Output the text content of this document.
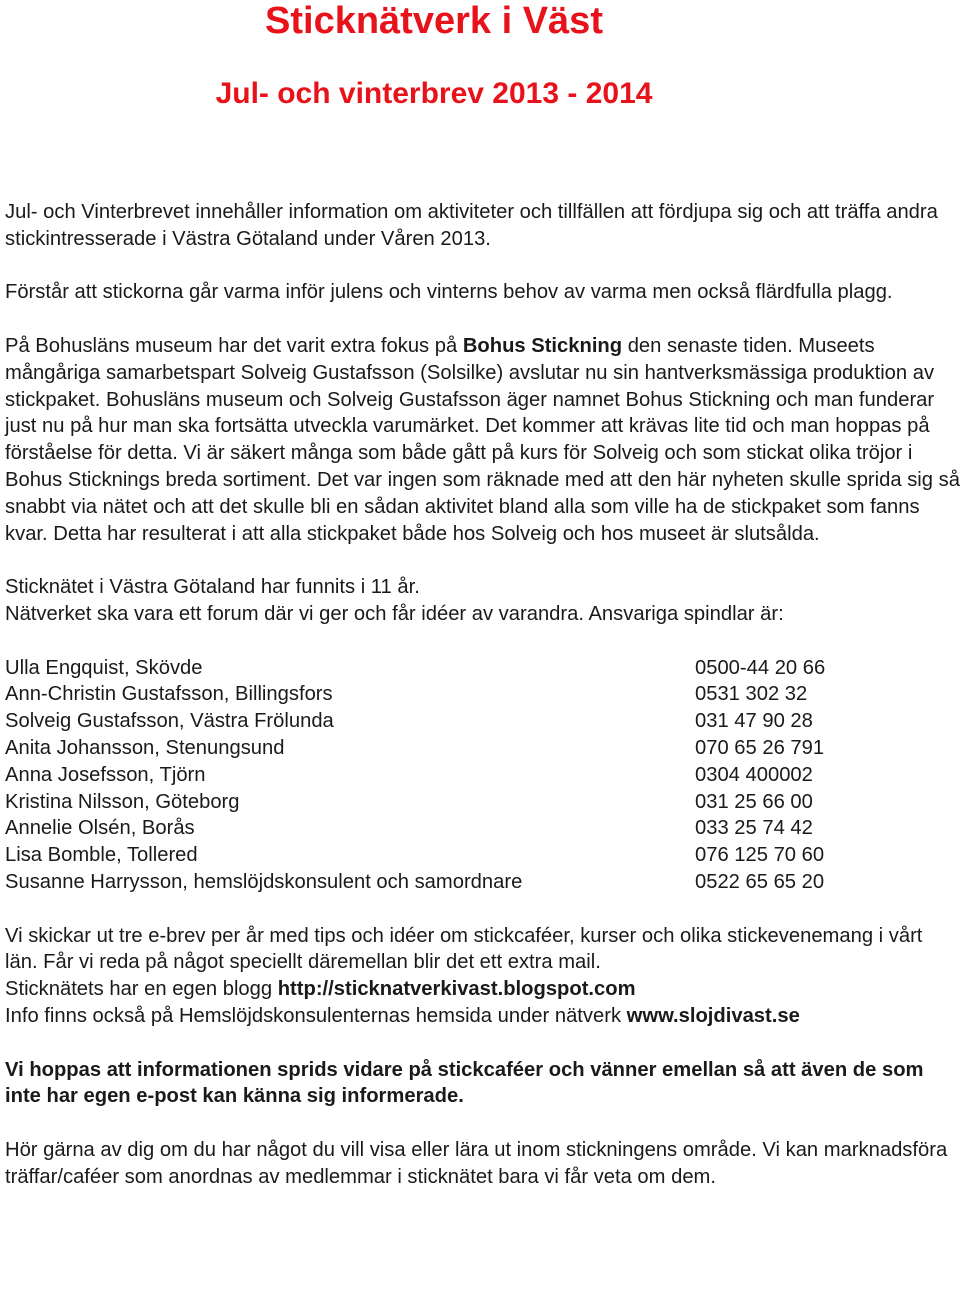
Sticknätverk i Väst
Jul- och vinterbrev 2013 - 2014

Jul- och Vinterbrevet innehåller information om aktiviteter och tillfällen att fördjupa sig och att träffa andra stickintresserade i Västra Götaland under Våren 2013.

Förstår att stickorna går varma inför julens och vinterns behov av varma men också flärdfulla plagg.

På Bohusläns museum har det varit extra fokus på Bohus Stickning den senaste tiden. Museets mångåriga samarbetspart Solveig Gustafsson (Solsilke) avslutar nu sin hantverksmässiga produktion av stickpaket. Bohusläns museum och Solveig Gustafsson äger namnet Bohus Stickning och man funderar just nu på hur man ska fortsätta utveckla varumärket. Det kommer att krävas lite tid och man hoppas på förståelse för detta. Vi är säkert många som både gått på kurs för Solveig och som stickat olika tröjor i Bohus Sticknings breda sortiment. Det var ingen som räknade med att den här nyheten skulle sprida sig så snabbt via nätet och att det skulle bli en sådan aktivitet bland alla som ville ha de stickpaket som fanns kvar. Detta har resulterat i att alla stickpaket både hos Solveig och hos museet är slutsålda.

Sticknätet i Västra Götaland har funnits i 11 år.

Nätverket ska vara ett forum där vi ger och får idéer av varandra. Ansvariga spindlar är:

Ulla Engquist, Skövde	0500-44 20 66
Ann-Christin Gustafsson, Billingsfors	0531 302 32
Solveig Gustafsson, Västra Frölunda	031 47 90 28
Anita Johansson, Stenungsund	070 65 26 791
Anna Josefsson, Tjörn	0304 400002
Kristina Nilsson, Göteborg	031 25 66 00
Annelie Olsén, Borås	033 25 74 42
Lisa Bomble, Tollered	076 125 70 60
Susanne Harrysson, hemslöjdskonsulent och samordnare	0522 65 65 20

Vi skickar ut tre e-brev per år med tips och idéer om stickcaféer, kurser och olika stickevenemang i vårt län. Får vi reda på något speciellt däremellan blir det ett extra mail.

Sticknätets har en egen blogg http://sticknatverkivast.blogspot.com

Info finns också på Hemslöjdskonsulenternas hemsida under nätverk www.slojdivast.se

Vi hoppas att informationen sprids vidare på stickcaféer och vänner emellan så att även de som inte har egen e-post kan känna sig informerade.

Hör gärna av dig om du har något du vill visa eller lära ut inom stickningens område. Vi kan marknadsföra träffar/caféer som anordnas av medlemmar i sticknätet bara vi får veta om dem.
